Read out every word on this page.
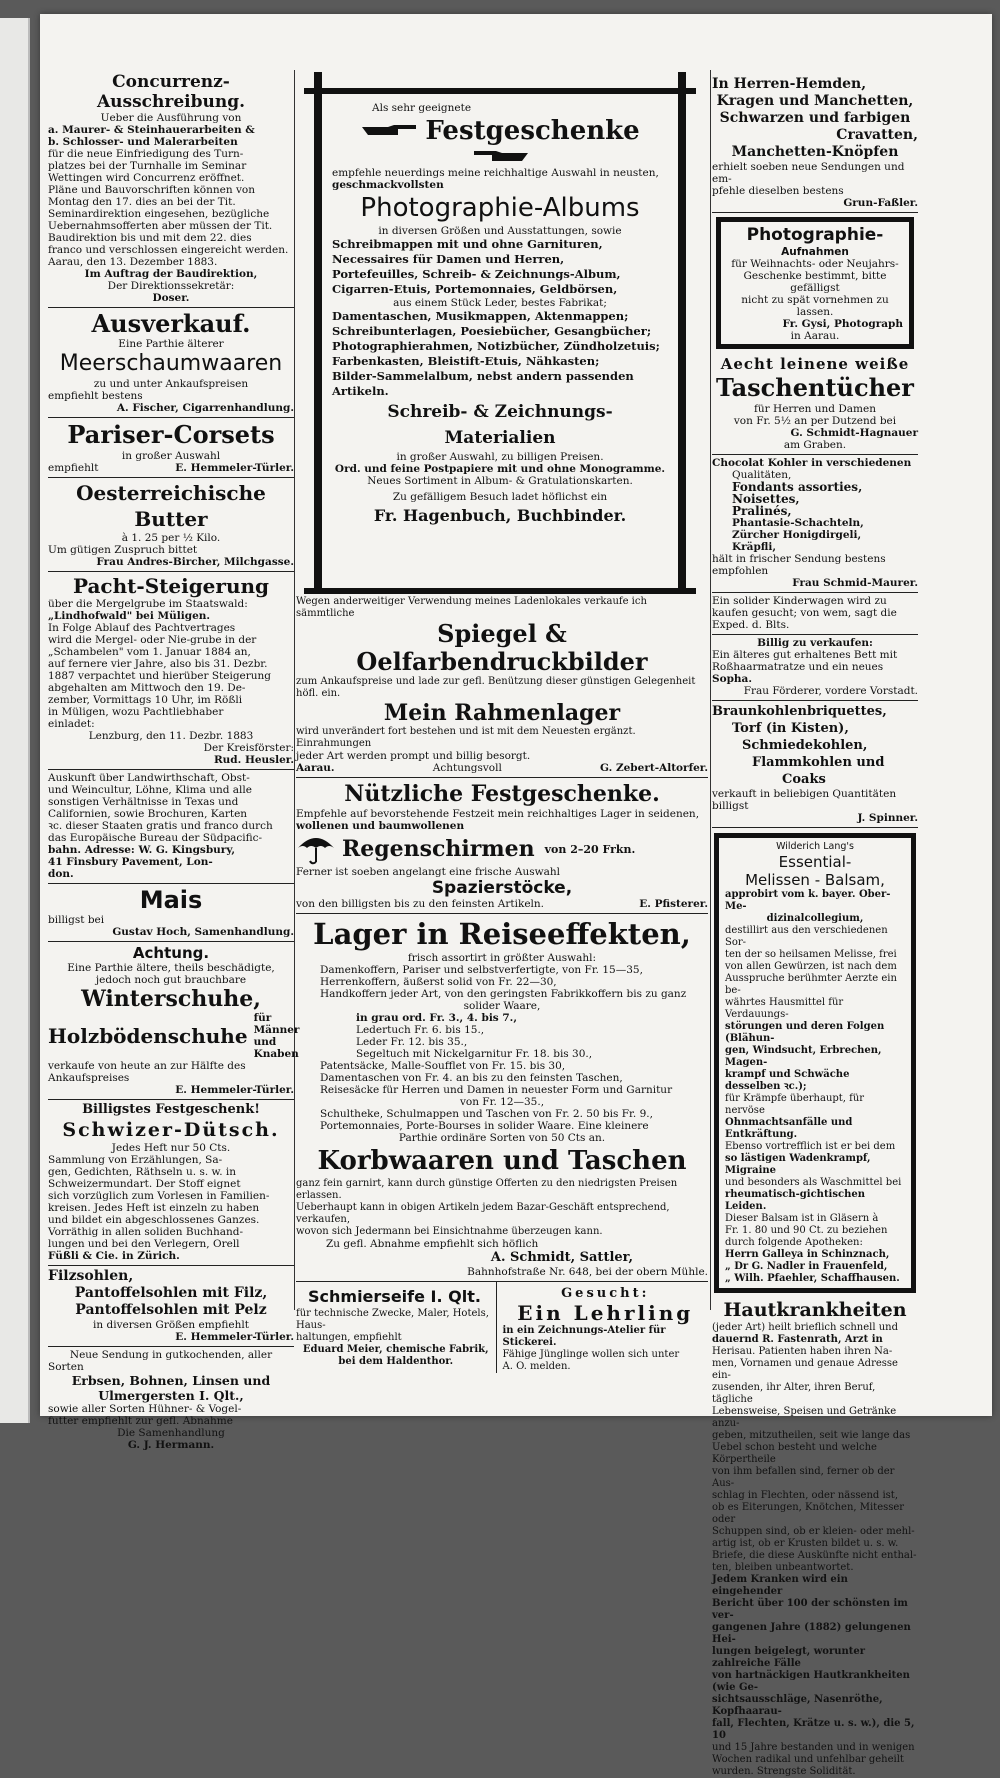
Concurrenz-Ausschreibung.

Ueber die Ausführung von

a. Maurer- & Steinhauerarbeiten &

b. Schlosser- und Malerarbeiten

für die neue Einfriedigung des Turn-

platzes bei der Turnhalle im Seminar

Wettingen wird Concurrenz eröffnet.

Pläne und Bauvorschriften können von

Montag den 17. dies an bei der Tit.

Seminardirektion eingesehen, bezügliche

Uebernahmsofferten aber müssen der Tit.

Baudirektion bis und mit dem 22. dies

franco und verschlossen eingereicht werden.

Aarau, den 13. Dezember 1883.

Im Auftrag der Baudirektion,

Der Direktionssekretär:

Doser.

Ausverkauf.

Eine Parthie älterer

Meerschaumwaaren

zu und unter Ankaufspreisen

empfiehlt bestens

A. Fischer, Cigarrenhandlung.

Pariser-Corsets

in großer Auswahl

empfiehlt	E. Hemmeler-Türler.

Oesterreichische Butter

à 1. 25 per ½ Kilo.

Um gütigen Zuspruch bittet

Frau Andres-Bircher, Milchgasse.

Pacht-Steigerung

über die Mergelgrube im Staatswald:

„Lindhofwald" bei Müligen.

In Folge Ablauf des Pachtvertrages

wird die Mergel- oder Nie-grube in der

„Schambelen" vom 1. Januar 1884 an,

auf fernere vier Jahre, also bis 31. Dezbr.

1887 verpachtet und hierüber Steigerung

abgehalten am Mittwoch den 19. De-

zember, Vormittags 10 Uhr, im Rößli

in Müligen, wozu Pachtliebhaber

einladet:

Lenzburg, den 11. Dezbr. 1883

Der Kreisförster:

Rud. Heusler.

Auskunft über Landwirthschaft, Obst-

und Weincultur, Löhne, Klima und alle

sonstigen Verhältnisse in Texas und

Californien, sowie Brochuren, Karten

ꝛc. dieser Staaten gratis und franco durch

das Europäische Bureau der Südpacific-

bahn. Adresse: W. G. Kingsbury,

41 Finsbury Pavement, Lon-

don.

Mais

billigst bei

Gustav Hoch, Samenhandlung.

Achtung.

Eine Parthie ältere, theils beschädigte,

jedoch noch gut brauchbare

Winterschuhe,

Holzbödenschuhe

für Männer

und Knaben

verkaufe von heute an zur Hälfte des

Ankaufspreises

E. Hemmeler-Türler.

Billigstes Festgeschenk!

Schwizer-Dütsch.

Jedes Heft nur 50 Cts.

Sammlung von Erzählungen, Sa-

gen, Gedichten, Räthseln u. s. w. in

Schweizermundart. Der Stoff eignet

sich vorzüglich zum Vorlesen in Familien-

kreisen. Jedes Heft ist einzeln zu haben

und bildet ein abgeschlossenes Ganzes.

Vorräthig in allen soliden Buchhand-

lungen und bei den Verlegern, Orell

Füßli & Cie. in Zürich.

Filzsohlen,

Pantoffelsohlen mit Filz,

Pantoffelsohlen mit Pelz

in diversen Größen empfiehlt

E. Hemmeler-Türler.

Neue Sendung in gutkochenden, aller

Sorten

Erbsen, Bohnen, Linsen und

Ulmergersten I. Qlt.,

sowie aller Sorten Hühner- & Vogel-

futter empfiehlt zur gefl. Abnahme

Die Samenhandlung

G. J. Hermann.

Als sehr geeignete

Festgeschenke

empfehle neuerdings meine reichhaltige Auswahl in neusten,

geschmackvollsten

Photographie-Albums

in diversen Größen und Ausstattungen, sowie

Schreibmappen mit und ohne Garnituren,

Necessaires für Damen und Herren,

Portefeuilles, Schreib- & Zeichnungs-Album,

Cigarren-Etuis, Portemonnaies, Geldbörsen,

aus einem Stück Leder, bestes Fabrikat;

Damentaschen, Musikmappen, Aktenmappen;

Schreibunterlagen, Poesiebücher, Gesangbücher;

Photographierahmen, Notizbücher, Zündholzetuis;

Farbenkasten, Bleistift-Etuis, Nähkasten;

Bilder-Sammelalbum, nebst andern passenden Artikeln.

Schreib- & Zeichnungs-Materialien

in großer Auswahl, zu billigen Preisen.

Ord. und feine Postpapiere mit und ohne Monogramme.

Neues Sortiment in Album- & Gratulationskarten.

Zu gefälligem Besuch ladet höflichst ein

Fr. Hagenbuch, Buchbinder.

Wegen anderweitiger Verwendung meines Ladenlokales verkaufe ich sämmtliche

Spiegel & Oelfarbendruckbilder

zum Ankaufspreise und lade zur gefl. Benützung dieser günstigen Gelegenheit höfl. ein.

Mein Rahmenlager

wird unverändert fort bestehen und ist mit dem Neuesten ergänzt. Einrahmungen

jeder Art werden prompt und billig besorgt.

Aarau.	Achtungsvoll	G. Zebert-Altorfer.

Nützliche Festgeschenke.

Empfehle auf bevorstehende Festzeit mein reichhaltiges Lager in seidenen,

wollenen und baumwollenen

Regenschirmen von 2–20 Frkn.

Ferner ist soeben angelangt eine frische Auswahl

Spazierstöcke,

von den billigsten bis zu den feinsten Artikeln.	E. Pfisterer.

Lager in Reiseeffekten,

frisch assortirt in größter Auswahl:

Damenkoffern, Pariser und selbstverfertigte, von Fr. 15—35,

Herrenkoffern, äußerst solid von Fr. 22—30,

Handkoffern jeder Art, von den geringsten Fabrikkoffern bis zu ganz

solider Waare,

in grau ord. Fr. 3., 4. bis 7.,

Ledertuch Fr. 6. bis 15.,

Leder Fr. 12. bis 35.,

Segeltuch mit Nickelgarnitur Fr. 18. bis 30.,

Patentsäcke, Malle-Soufflet von Fr. 15. bis 30,

Damentaschen von Fr. 4. an bis zu den feinsten Taschen,

Reisesäcke für Herren und Damen in neuester Form und Garnitur

von Fr. 12—35.,

Schultheke, Schulmappen und Taschen von Fr. 2. 50 bis Fr. 9.,

Portemonnaies, Porte-Bourses in solider Waare. Eine kleinere

Parthie ordinäre Sorten von 50 Cts an.

Korbwaaren und Taschen

ganz fein garnirt, kann durch günstige Offerten zu den niedrigsten Preisen erlassen.

Ueberhaupt kann in obigen Artikeln jedem Bazar-Geschäft entsprechend, verkaufen,

wovon sich Jedermann bei Einsichtnahme überzeugen kann.

Zu gefl. Abnahme empfiehlt sich höflich

A. Schmidt, Sattler,

Bahnhofstraße Nr. 648, bei der obern Mühle.

Schmierseife I. Qlt.

für technische Zwecke, Maler, Hotels, Haus-

haltungen, empfiehlt

Eduard Meier, chemische Fabrik,

bei dem Haldenthor.

Gesucht:

Ein Lehrling

in ein Zeichnungs-Atelier für Stickerei.

Fähige Jünglinge wollen sich unter

A. O. melden.

In Herren-Hemden,

Kragen und Manchetten,

Schwarzen und farbigen

Cravatten,

Manchetten-Knöpfen

erhielt soeben neue Sendungen und em-

pfehle dieselben bestens

Grun-Faßler.

Photographie-

Aufnahmen

für Weihnachts- oder Neujahrs-

Geschenke bestimmt, bitte gefälligst

nicht zu spät vornehmen zu lassen.

Fr. Gysi, Photograph

in Aarau.

Aecht leinene weiße

Taschentücher

für Herren und Damen

von Fr. 5½ an per Dutzend bei

G. Schmidt-Hagnauer

am Graben.

Chocolat Kohler in verschiedenen

Qualitäten,

Fondants assorties,

Noisettes,

Pralinés,

Phantasie-Schachteln,

Zürcher Honigdirgeli,

Kräpfli,

hält in frischer Sendung bestens empfohlen

Frau Schmid-Maurer.

Ein solider Kinderwagen wird zu

kaufen gesucht; von wem, sagt die

Exped. d. Blts.

Billig zu verkaufen:

Ein älteres gut erhaltenes Bett mit

Roßhaarmatratze und ein neues

Sopha.

Frau Förderer, vordere Vorstadt.

Braunkohlenbriquettes,

Torf (in Kisten),

Schmiedekohlen,

Flammkohlen und

Coaks

verkauft in beliebigen Quantitäten billigst

J. Spinner.

Wilderich Lang's

Essential-

Melissen - Balsam,

approbirt vom k. bayer. Ober-Me-

dizinalcollegium,

destillirt aus den verschiedenen Sor-

ten der so heilsamen Melisse, frei

von allen Gewürzen, ist nach dem

Ausspruche berühmter Aerzte ein be-

währtes Hausmittel für Verdauungs-

störungen und deren Folgen (Blähun-

gen, Windsucht, Erbrechen, Magen-

krampf und Schwäche desselben ꝛc.);

für Krämpfe überhaupt, für nervöse

Ohnmachtsanfälle und Entkräftung.

Ebenso vortrefflich ist er bei dem

so lästigen Wadenkrampf, Migraine

und besonders als Waschmittel bei

rheumatisch-gichtischen Leiden.

Dieser Balsam ist in Gläsern à

Fr. 1. 80 und 90 Ct. zu beziehen

durch folgende Apotheken:

Herrn Galleya in Schinznach,

„ Dr G. Nadler in Frauenfeld,

„ Wilh. Pfaehler, Schaffhausen.

Hautkrankheiten

(jeder Art) heilt brieflich schnell und

dauernd R. Fastenrath, Arzt in

Herisau. Patienten haben ihren Na-

men, Vornamen und genaue Adresse ein-

zusenden, ihr Alter, ihren Beruf, tägliche

Lebensweise, Speisen und Getränke anzu-

geben, mitzutheilen, seit wie lange das

Uebel schon besteht und welche Körpertheile

von ihm befallen sind, ferner ob der Aus-

schlag in Flechten, oder nässend ist,

ob es Eiterungen, Knötchen, Mitesser oder

Schuppen sind, ob er kleien- oder mehl-

artig ist, ob er Krusten bildet u. s. w.

Briefe, die diese Auskünfte nicht enthal-

ten, bleiben unbeantwortet.

Jedem Kranken wird ein eingehender

Bericht über 100 der schönsten im ver-

gangenen Jahre (1882) gelungenen Hei-

lungen beigelegt, worunter zahlreiche Fälle

von hartnäckigen Hautkrankheiten (wie Ge-

sichtsausschläge, Nasenröthe, Kopfhaarau-

fall, Flechten, Krätze u. s. w.), die 5, 10

und 15 Jahre bestanden und in wenigen

Wochen radikal und unfehlbar geheilt

wurden. Strengste Solidität.
